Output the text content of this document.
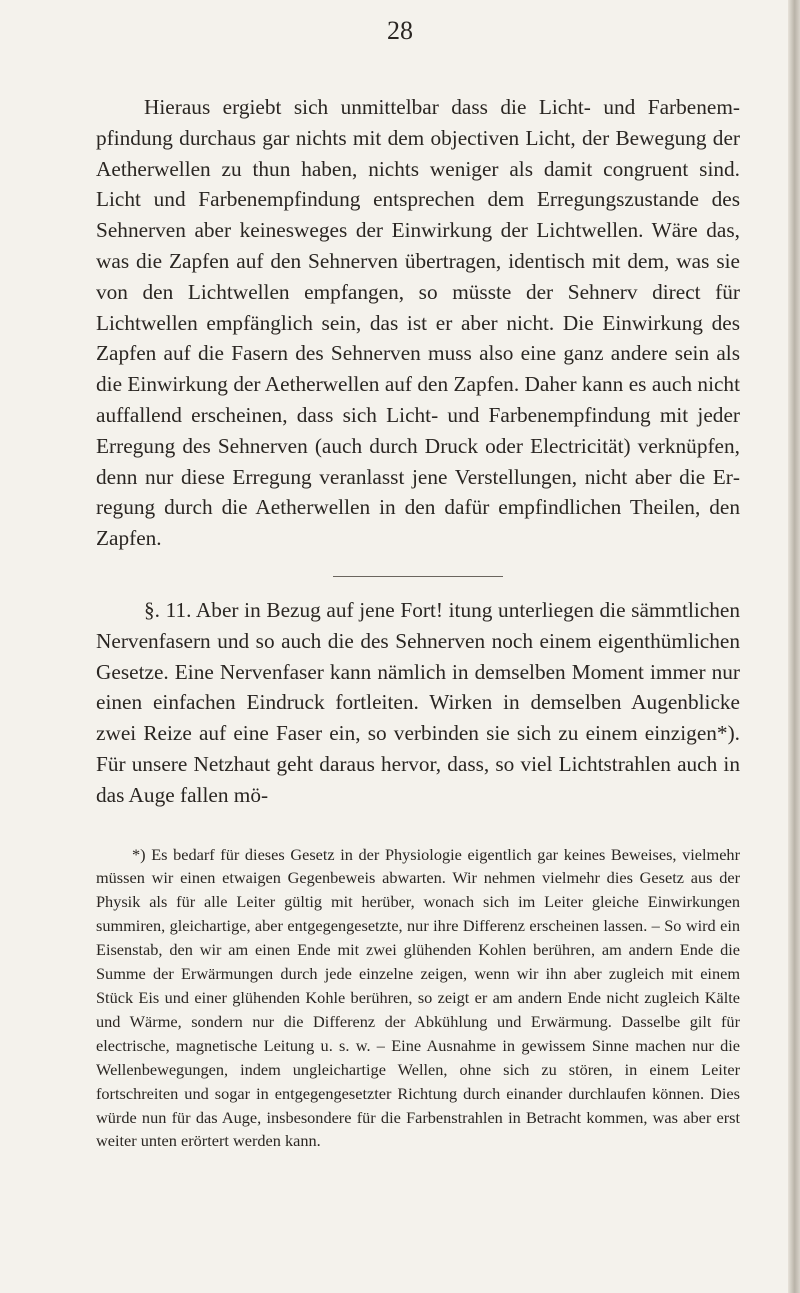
28

Hieraus ergiebt sich unmittelbar dass die Licht- und Farbenempfindung durchaus gar nichts mit dem objectiven Licht, der Bewegung der Aetherwellen zu thun haben, nichts weniger als damit congruent sind. Licht und Farbenempfindung entsprechen dem Erregungszustande des Sehnerven aber keinesweges der Einwirkung der Lichtwellen. Wäre das, was die Zapfen auf den Sehnerven übertragen, identisch mit dem, was sie von den Lichtwellen empfangen, so müsste der Sehnerv direct für Lichtwellen empfänglich sein, das ist er aber nicht. Die Einwirkung des Zapfen auf die Fasern des Sehnerven muss also eine ganz andere sein als die Einwirkung der Aetherwellen auf den Zapfen. Daher kann es auch nicht auffallend erscheinen, dass sich Licht- und Farbenempfindung mit jeder Erregung des Sehnerven (auch durch Druck oder Electricität) verknüpfen, denn nur diese Erregung veranlasst jene Verstellungen, nicht aber die Erregung durch die Aetherwellen in den dafür empfindlichen Theilen, den Zapfen.

§. 11. Aber in Bezug auf jene Fort! itung unterliegen die sämmtlichen Nervenfasern und so auch die des Sehnerven noch einem eigenthümlichen Gesetze. Eine Nervenfaser kann nämlich in demselben Moment immer nur einen einfachen Eindruck fortleiten. Wirken in demselben Augenblicke zwei Reize auf eine Faser ein, so verbinden sie sich zu einem einzigen*). Für unsere Netzhaut geht daraus hervor, dass, so viel Lichtstrahlen auch in das Auge fallen mö-

*) Es bedarf für dieses Gesetz in der Physiologie eigentlich gar keines Beweises, vielmehr müssen wir einen etwaigen Gegenbeweis abwarten. Wir nehmen vielmehr dies Gesetz aus der Physik als für alle Leiter gültig mit herüber, wonach sich im Leiter gleiche Einwirkungen summiren, gleichartige, aber entgegengesetzte, nur ihre Differenz erscheinen lassen. – So wird ein Eisenstab, den wir am einen Ende mit zwei glühenden Kohlen berühren, am andern Ende die Summe der Erwärmungen durch jede einzelne zeigen, wenn wir ihn aber zugleich mit einem Stück Eis und einer glühenden Kohle berühren, so zeigt er am andern Ende nicht zugleich Kälte und Wärme, sondern nur die Differenz der Abkühlung und Erwärmung. Dasselbe gilt für electrische, magnetische Leitung u. s. w. – Eine Ausnahme in gewissem Sinne machen nur die Wellenbewegungen, indem ungleichartige Wellen, ohne sich zu stören, in einem Leiter fortschreiten und sogar in entgegengesetzter Richtung durch einander durchlaufen können. Dies würde nun für das Auge, insbesondere für die Farbenstrahlen in Betracht kommen, was aber erst weiter unten erörtert werden kann.
